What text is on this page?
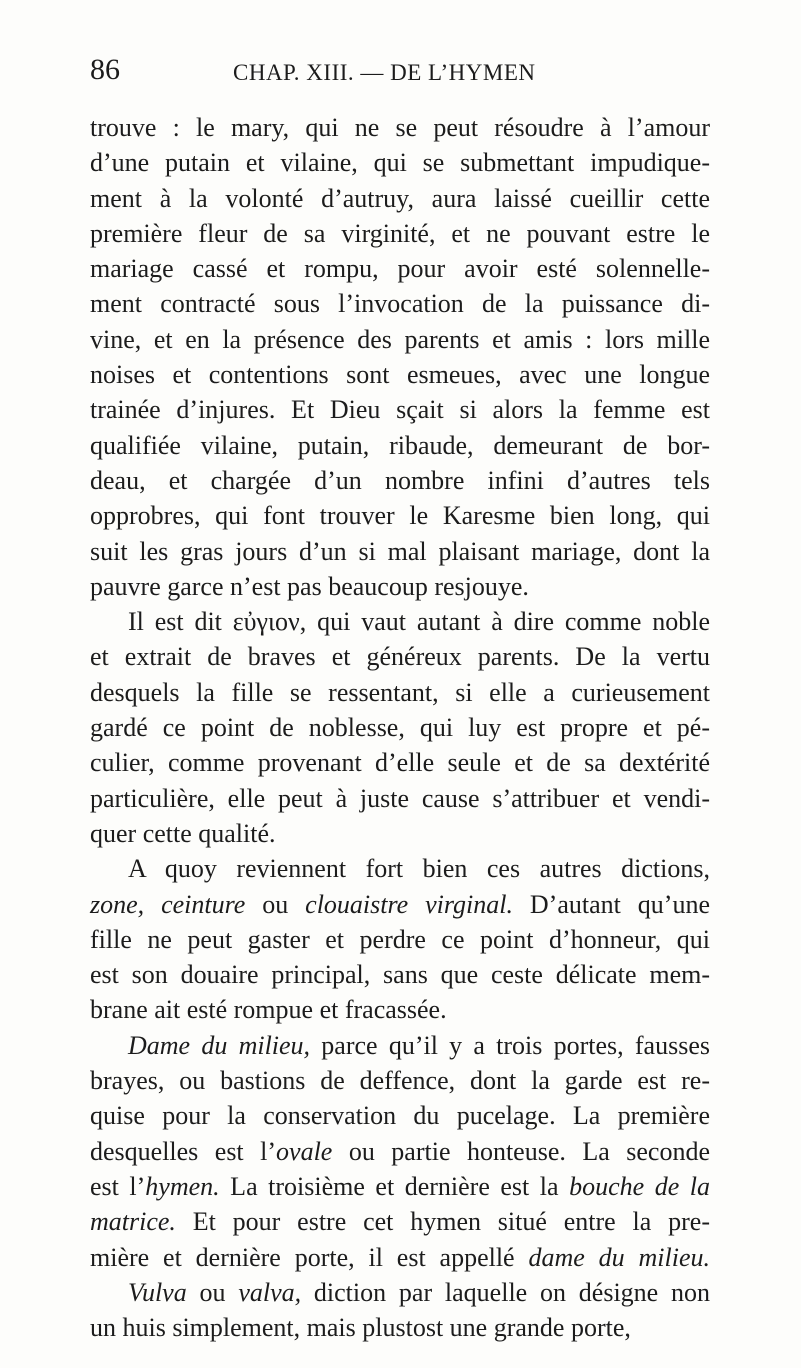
86	CHAP. XIII. — DE L’HYMEN
trouve : le mary, qui ne se peut résoudre à l’amour
d’une putain et vilaine, qui se submettant impudique-
ment à la volonté d’autruy, aura laissé cueillir cette
première fleur de sa virginité, et ne pouvant estre le
mariage cassé et rompu, pour avoir esté solennelle-
ment contracté sous l’invocation de la puissance di-
vine, et en la présence des parents et amis : lors mille
noises et contentions sont esmeues, avec une longue
trainée d’injures. Et Dieu sçait si alors la femme est
qualifiée vilaine, putain, ribaude, demeurant de bor-
deau, et chargée d’un nombre infini d’autres tels
opprobres, qui font trouver le Karesme bien long, qui
suit les gras jours d’un si mal plaisant mariage, dont la
pauvre garce n’est pas beaucoup resjouye.
Il est dit εὐγιον, qui vaut autant à dire comme noble
et extrait de braves et généreux parents. De la vertu
desquels la fille se ressentant, si elle a curieusement
gardé ce point de noblesse, qui luy est propre et pé-
culier, comme provenant d’elle seule et de sa dextérité
particulière, elle peut à juste cause s’attribuer et vendi-
quer cette qualité.
A quoy reviennent fort bien ces autres dictions,
zone, ceinture ou clouaistre virginal. D’autant qu’une
fille ne peut gaster et perdre ce point d’honneur, qui
est son douaire principal, sans que ceste délicate mem-
brane ait esté rompue et fracassée.
Dame du milieu, parce qu’il y a trois portes, fausses
brayes, ou bastions de deffence, dont la garde est re-
quise pour la conservation du pucelage. La première
desquelles est l’ovale ou partie honteuse. La seconde
est l’hymen. La troisième et dernière est la bouche de la
matrice. Et pour estre cet hymen situé entre la pre-
mière et dernière porte, il est appellé dame du milieu.
Vulva ou valva, diction par laquelle on désigne non
un huis simplement, mais plustost une grande porte,
